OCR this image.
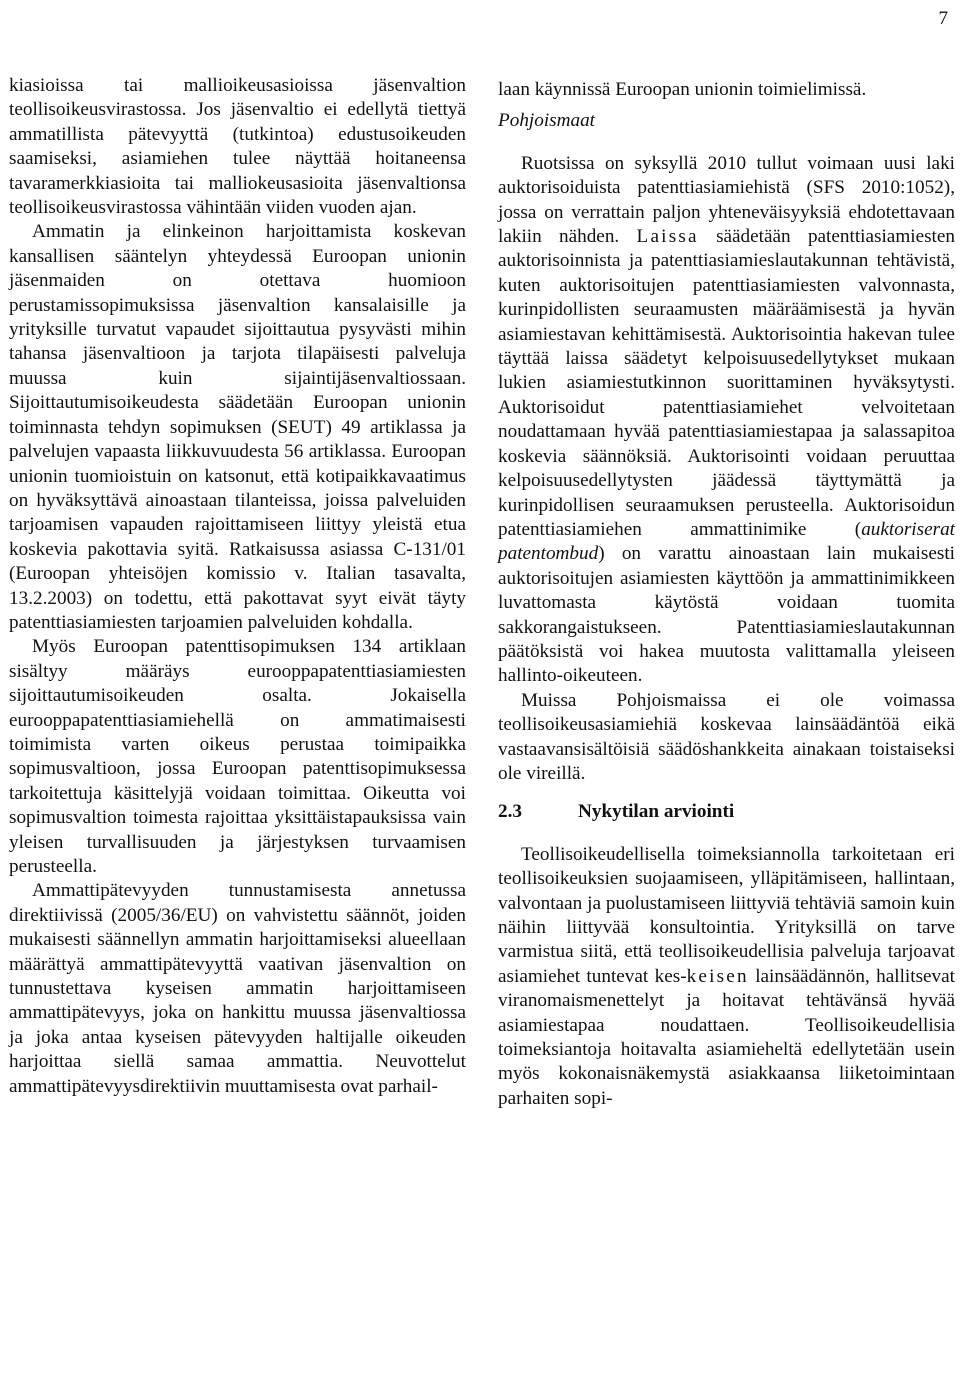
7

kiasioissa tai mallioikeusasioissa jäsenvaltion teollisoikeusvirastossa. Jos jäsenvaltio ei edellytä tiettyä ammatillista pätevyyttä (tutkintoa) edustusoikeuden saamiseksi, asiamiehen tulee näyttää hoitaneensa tavaramerkkiasioita tai malliokeusasioita jäsenvaltionsa teollisoikeusvirastossa vähintään viiden vuoden ajan.

Ammatin ja elinkeinon harjoittamista koskevan kansallisen sääntelyn yhteydessä Euroopan unionin jäsenmaiden on otettava huomioon perustamissopimuksissa jäsenvaltion kansalaisille ja yrityksille turvatut vapaudet sijoittautua pysyvästi mihin tahansa jäsenvaltioon ja tarjota tilapäisesti palveluja muussa kuin sijaintijäsenvaltiossaan. Sijoittautumisoikeudesta säädetään Euroopan unionin toiminnasta tehdyn sopimuksen (SEUT) 49 artiklassa ja palvelujen vapaasta liikkuvuudesta 56 artiklassa. Euroopan unionin tuomioistuin on katsonut, että kotipaikkavaatimus on hyväksyttävä ainoastaan tilanteissa, joissa palveluiden tarjoamisen vapauden rajoittamiseen liittyy yleistä etua koskevia pakottavia syitä. Ratkaisussa asiassa C-131/01 (Euroopan yhteisöjen komissio v. Italian tasavalta, 13.2.2003) on todettu, että pakottavat syyt eivät täyty patenttiasiamiesten tarjoamien palveluiden kohdalla.

Myös Euroopan patenttisopimuksen 134 artiklaan sisältyy määräys eurooppapatenttiasiamiesten sijoittautumisoikeuden osalta. Jokaisella eurooppapatenttiasiamiehellä on ammatimaisesti toimimista varten oikeus perustaa toimipaikka sopimusvaltioon, jossa Euroopan patenttisopimuksessa tarkoitettuja käsittelyjä voidaan toimittaa. Oikeutta voi sopimusvaltion toimesta rajoittaa yksittäistapauksissa vain yleisen turvallisuuden ja järjestyksen turvaamisen perusteella.

Ammattipätevyyden tunnustamisesta annetussa direktiivissä (2005/36/EU) on vahvistettu säännöt, joiden mukaisesti säännellyn ammatin harjoittamiseksi alueellaan määrättyä ammattipätevyyttä vaativan jäsenvaltion on tunnustettava kyseisen ammatin harjoittamiseen ammattipätevyys, joka on hankittu muussa jäsenvaltiossa ja joka antaa kyseisen pätevyyden haltijalle oikeuden harjoittaa siellä samaa ammattia. Neuvottelut ammattipätevyysdirektiivin muuttamisesta ovat parhail-

laan käynnissä Euroopan unionin toimielimissä.

Pohjoismaat

Ruotsissa on syksyllä 2010 tullut voimaan uusi laki auktorisoiduista patenttiasiamiehistä (SFS 2010:1052), jossa on verrattain paljon yhteneväisyyksiä ehdotettavaan lakiin nähden. Laissa säädetään patenttiasiamiesten auktorisoinnista ja patenttiasiamieslautakunnan tehtävistä, kuten auktorisoitujen patenttiasiamiesten valvonnasta, kurinpidollisten seuraamusten määräämisestä ja hyvän asiamiestavan kehittämisestä. Auktorisointia hakevan tulee täyttää laissa säädetyt kelpoisuusedellytykset mukaan lukien asiamiestutkinnon suorittaminen hyväksytysti. Auktorisoidut patenttiasiamiehet velvoitetaan noudattamaan hyvää patenttiasiamiestapaa ja salassapitoa koskevia säännöksiä. Auktorisointi voidaan peruuttaa kelpoisuusedellytysten jäädessä täyttymättä ja kurinpidollisen seuraamuksen perusteella. Auktorisoidun patenttiasiamiehen ammattinimike (auktoriserat patentombud) on varattu ainoastaan lain mukaisesti auktorisoitujen asiamiesten käyttöön ja ammattinimikkeen luvattomasta käytöstä voidaan tuomita sakkorangaistukseen. Patenttiasiamieslautakunnan päätöksistä voi hakea muutosta valittamalla yleiseen hallinto-oikeuteen.

Muissa Pohjoismaissa ei ole voimassa teollisoikeusasiamiehiä koskevaa lainsäädäntöä eikä vastaavansisältöisiä säädöshankkeita ainakaan toistaiseksi ole vireillä.

2.3	Nykytilan arviointi

Teollisoikeudellisella toimeksiannolla tarkoitetaan eri teollisoikeuksien suojaamiseen, ylläpitämiseen, hallintaan, valvontaan ja puolustamiseen liittyviä tehtäviä samoin kuin näihin liittyvää konsultointia. Yrityksillä on tarve varmistua siitä, että teollisoikeudellisia palveluja tarjoavat asiamiehet tuntevat kes-keisen lainsäädännön, hallitsevat viranomaismenettelyt ja hoitavat tehtävänsä hyvää asiamiestapaa noudattaen. Teollisoikeudellisia toimeksiantoja hoitavalta asiamieheltä edellytetään usein myös kokonaisnäkemystä asiakkaansa liiketoimintaan parhaiten sopi-
